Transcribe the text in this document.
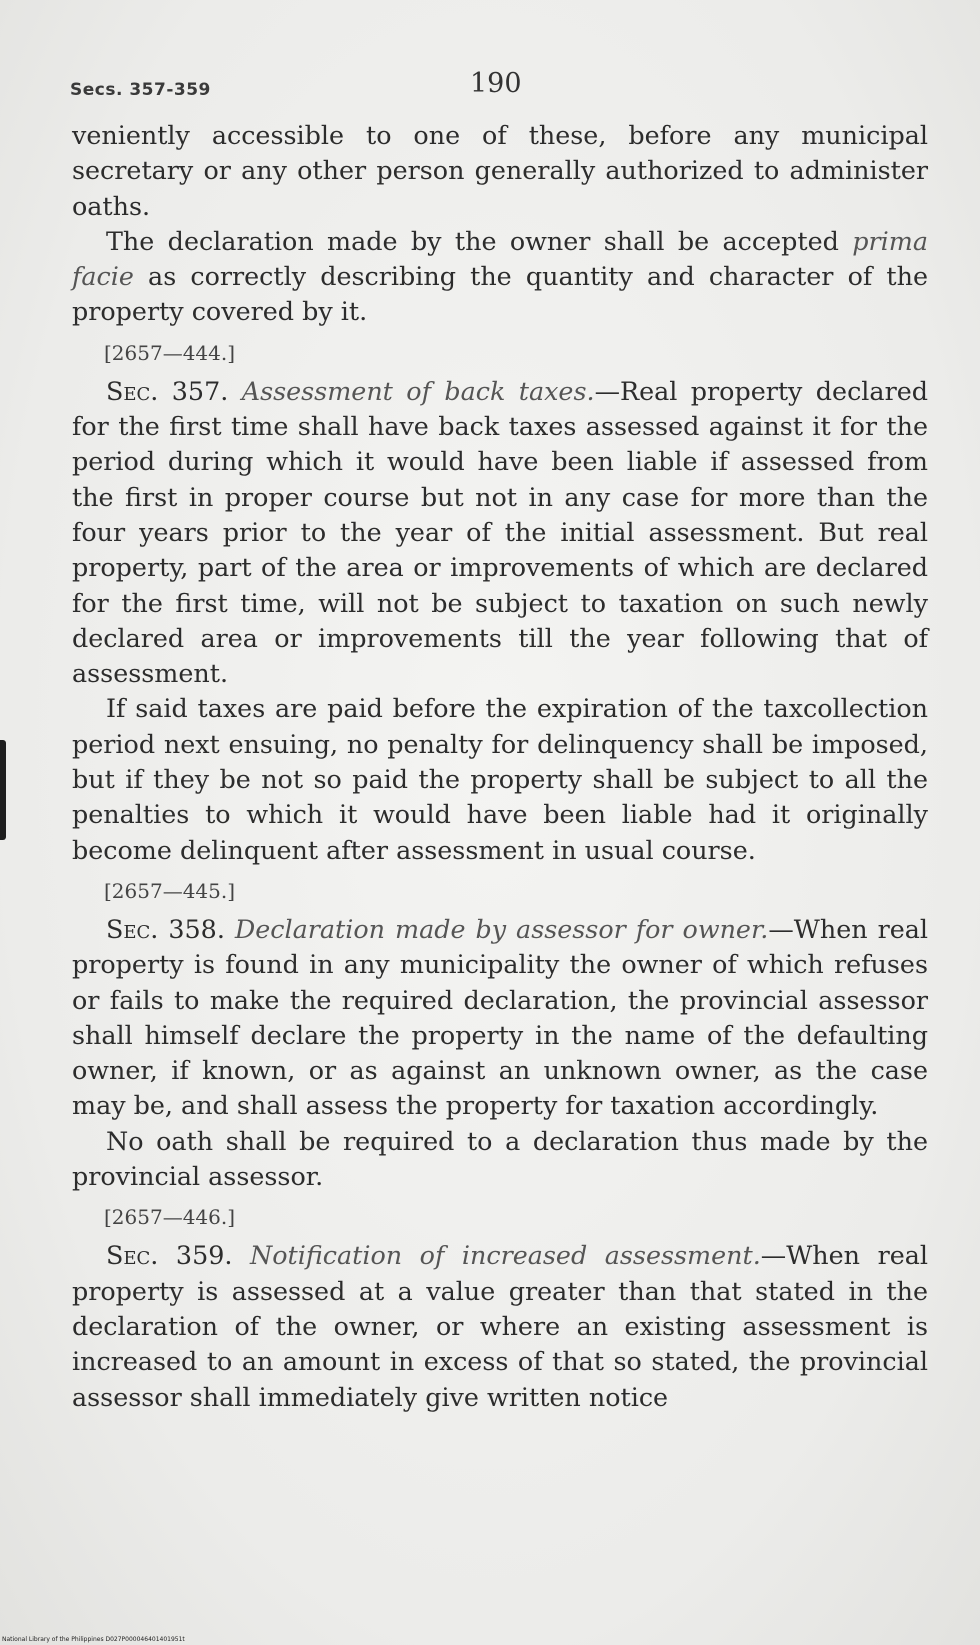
Secs. 357-359	190

veniently accessible to one of these, before any municipal secretary or any other person generally authorized to administer oaths.

The declaration made by the owner shall be accepted prima facie as correctly describing the quantity and character of the property covered by it.

[2657—444.]

Sec. 357. Assessment of back taxes.—Real property declared for the first time shall have back taxes assessed against it for the period during which it would have been liable if assessed from the first in proper course but not in any case for more than the four years prior to the year of the initial assessment. But real property, part of the area or improvements of which are declared for the first time, will not be subject to taxation on such newly declared area or improvements till the year following that of assessment.

If said taxes are paid before the expiration of the taxcollection period next ensuing, no penalty for delinquency shall be imposed, but if they be not so paid the property shall be subject to all the penalties to which it would have been liable had it originally become delinquent after assessment in usual course.

[2657—445.]

Sec. 358. Declaration made by assessor for owner.—When real property is found in any municipality the owner of which refuses or fails to make the required declaration, the provincial assessor shall himself declare the property in the name of the defaulting owner, if known, or as against an unknown owner, as the case may be, and shall assess the property for taxation accordingly.

No oath shall be required to a declaration thus made by the provincial assessor.

[2657—446.]

Sec. 359. Notification of increased assessment.—When real property is assessed at a value greater than that stated in the declaration of the owner, or where an existing assessment is increased to an amount in excess of that so stated, the provincial assessor shall immediately give written notice

National Library of the Philippines D027P000046401401951t
